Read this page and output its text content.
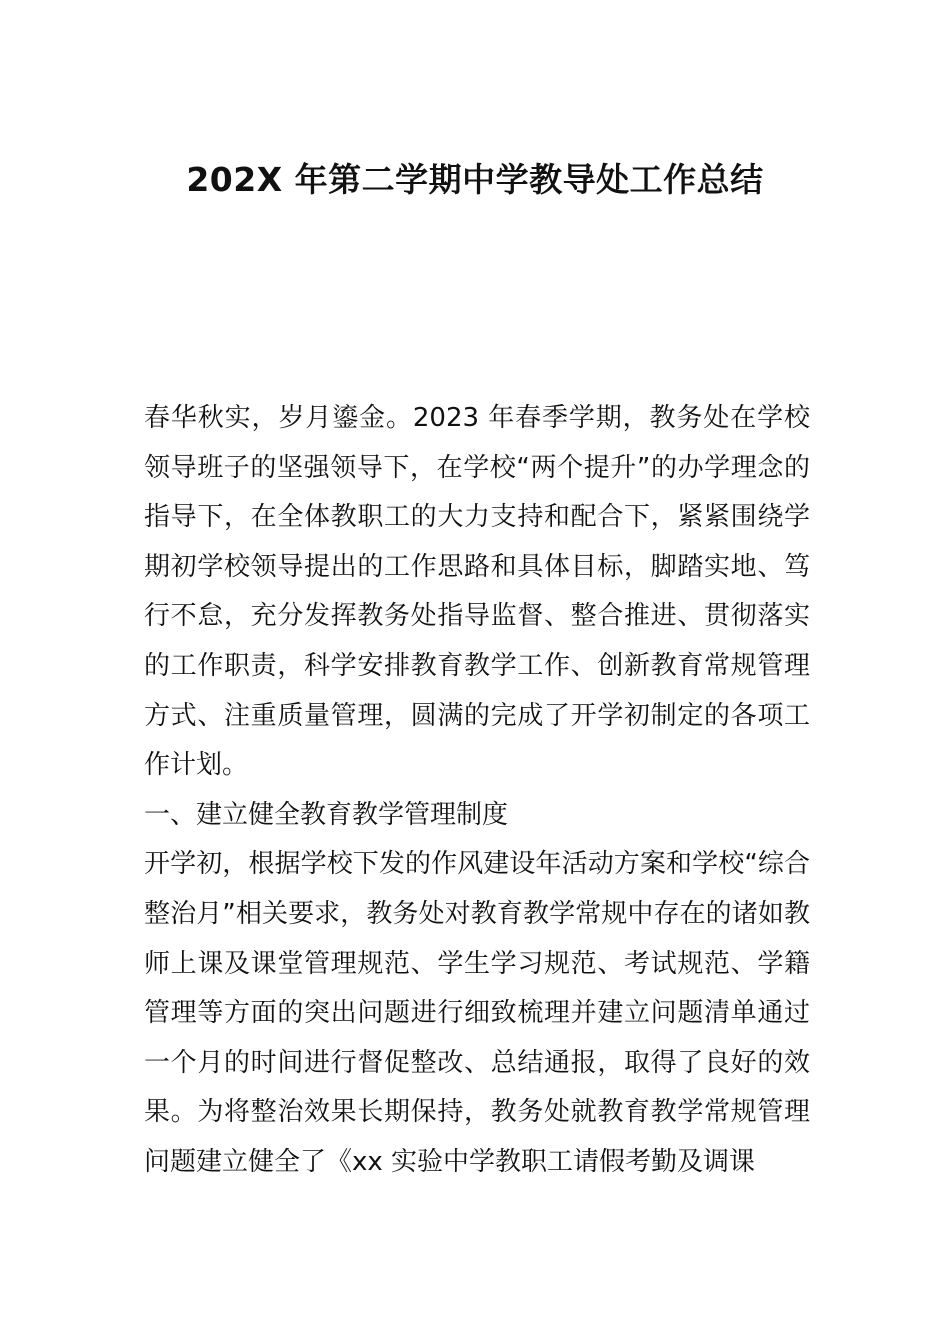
202X 年第二学期中学教导处工作总结

春华秋实，岁月鎏金。2023 年春季学期，教务处在学校领导班子的坚强领导下，在学校“两个提升”的办学理念的指导下，在全体教职工的大力支持和配合下，紧紧围绕学期初学校领导提出的工作思路和具体目标，脚踏实地、笃行不怠，充分发挥教务处指导监督、整合推进、贯彻落实的工作职责，科学安排教育教学工作、创新教育常规管理方式、注重质量管理，圆满的完成了开学初制定的各项工作计划。

一、建立健全教育教学管理制度

开学初，根据学校下发的作风建设年活动方案和学校“综合整治月”相关要求，教务处对教育教学常规中存在的诸如教师上课及课堂管理规范、学生学习规范、考试规范、学籍管理等方面的突出问题进行细致梳理并建立问题清单通过一个月的时间进行督促整改、总结通报，取得了良好的效果。为将整治效果长期保持，教务处就教育教学常规管理问题建立健全了《xx 实验中学教职工请假考勤及调课
